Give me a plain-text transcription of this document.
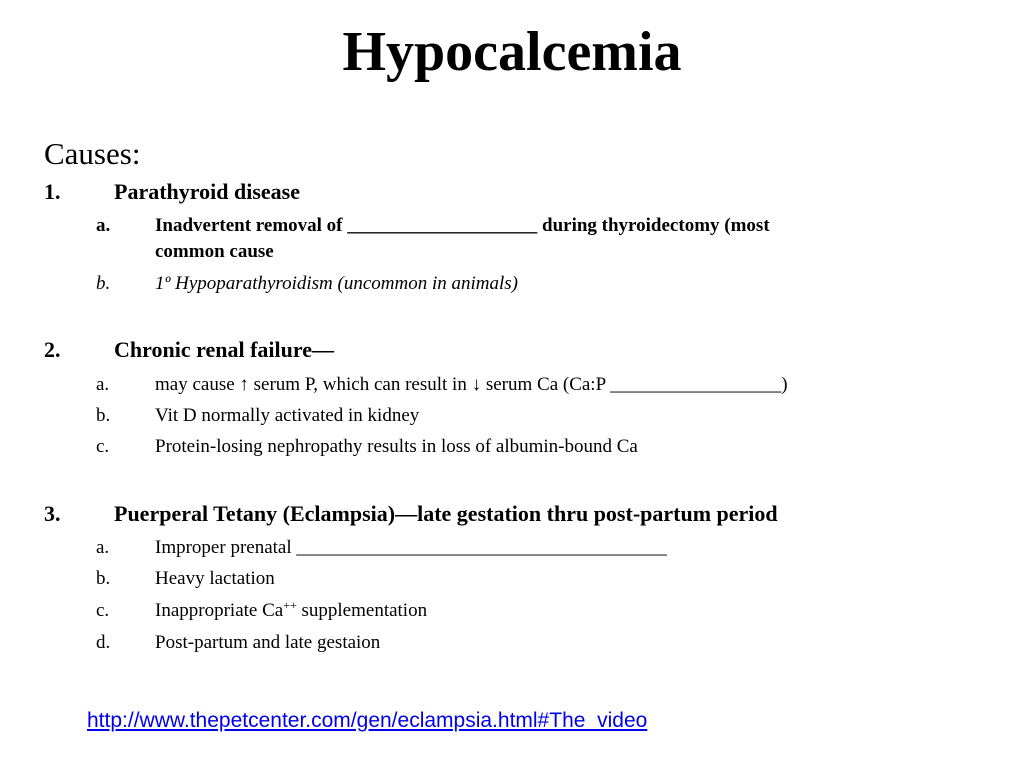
Hypocalcemia
Causes:
1. Parathyroid disease
a. Inadvertent removal of ____________________ during thyroidectomy (most
common cause
b. 1º Hypoparathyroidism (uncommon in animals)
2. Chronic renal failure—
a. may cause ↑ serum P, which can result in ↓ serum Ca (Ca:P __________________)
b. Vit D normally activated in kidney
c. Protein-losing nephropathy results in loss of albumin-bound Ca
3. Puerperal Tetany (Eclampsia)—late gestation thru post-partum period
a. Improper prenatal _______________________________________
b. Heavy lactation
c. Inappropriate Ca++ supplementation
d. Post-partum and late gestaion
http://www.thepetcenter.com/gen/eclampsia.html#The_video
